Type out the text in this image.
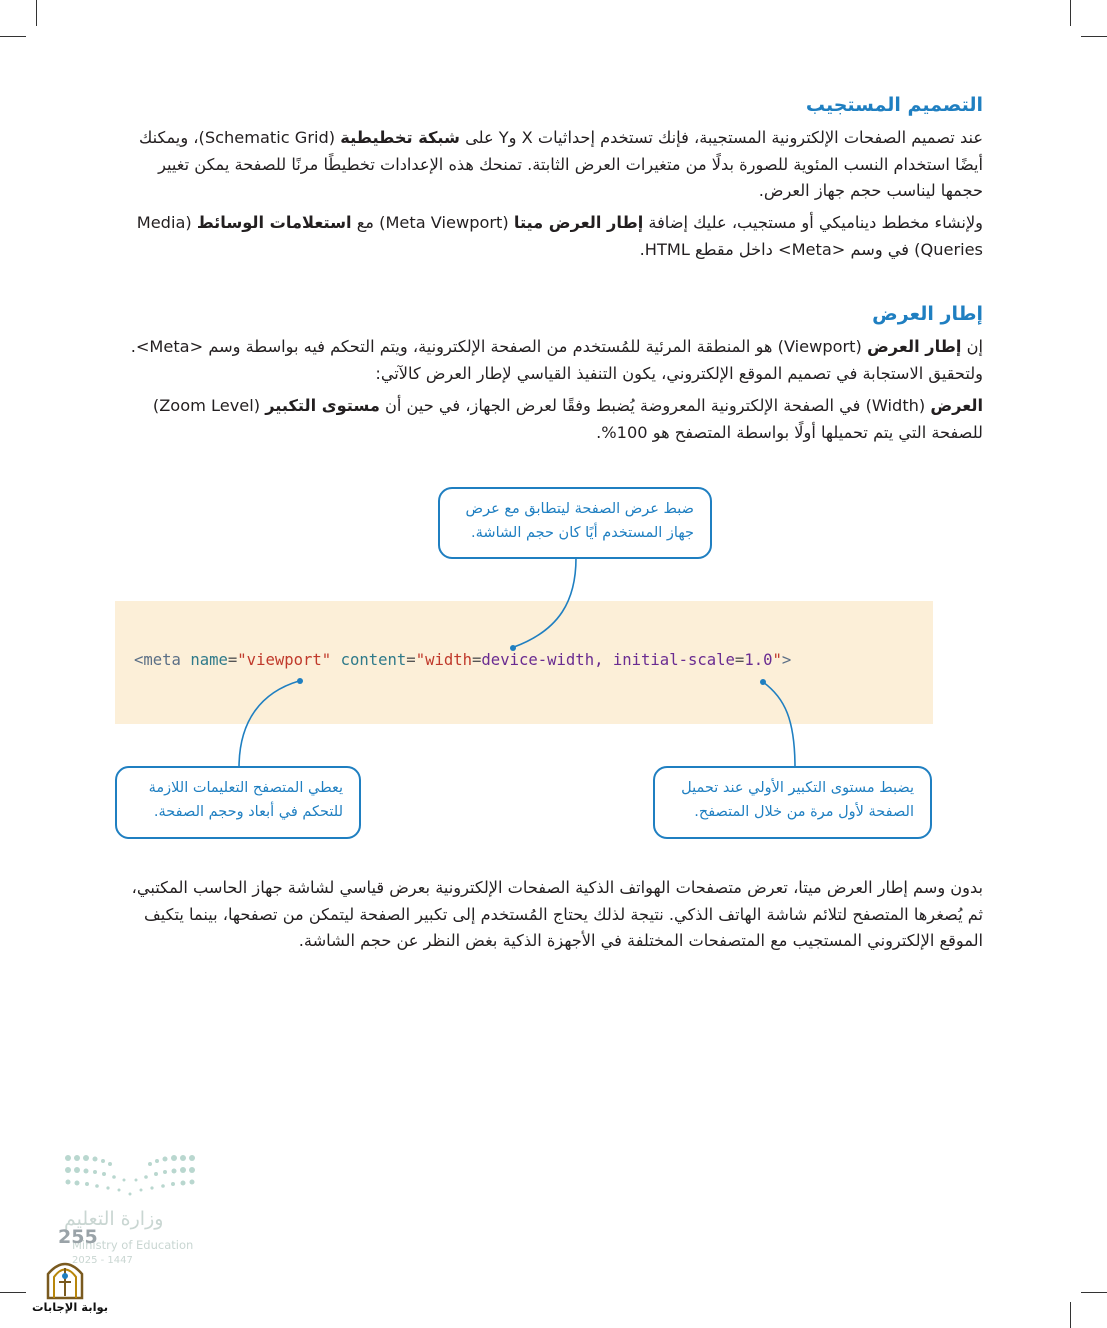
التصميم المستجيب

عند تصميم الصفحات الإلكترونية المستجيبة، فإنك تستخدم إحداثيات X وY على شبكة تخطيطية (Schematic Grid)، ويمكنك أيضًا استخدام النسب المئوية للصورة بدلًا من متغيرات العرض الثابتة. تمنحك هذه الإعدادات تخطيطًا مرنًا للصفحة يمكن تغيير حجمها ليناسب حجم جهاز العرض.

ولإنشاء مخطط ديناميكي أو مستجيب، عليك إضافة إطار العرض ميتا (Meta Viewport) مع استعلامات الوسائط (Media Queries) في وسم <Meta> داخل مقطع HTML.

إطار العرض

إن إطار العرض (Viewport) هو المنطقة المرئية للمُستخدم من الصفحة الإلكترونية، ويتم التحكم فيه بواسطة وسم <Meta>. ولتحقيق الاستجابة في تصميم الموقع الإلكتروني، يكون التنفيذ القياسي لإطار العرض كالآتي:

العرض (Width) في الصفحة الإلكترونية المعروضة يُضبط وفقًا لعرض الجهاز، في حين أن مستوى التكبير (Zoom Level) للصفحة التي يتم تحميلها أولًا بواسطة المتصفح هو 100%.

<meta name="viewport" content="width=device-width, initial-scale=1.0">
ضبط عرض الصفحة ليتطابق مع عرض
جهاز المستخدم أيًا كان حجم الشاشة.
يعطي المتصفح التعليمات اللازمة
للتحكم في أبعاد وحجم الصفحة.
يضبط مستوى التكبير الأولي عند تحميل
الصفحة لأول مرة من خلال المتصفح.

بدون وسم إطار العرض ميتا، تعرض متصفحات الهواتف الذكية الصفحات الإلكترونية بعرض قياسي لشاشة جهاز الحاسب المكتبي، ثم يُصغرها المتصفح لتلائم شاشة الهاتف الذكي. نتيجة لذلك يحتاج المُستخدم إلى تكبير الصفحة ليتمكن من تصفحها، بينما يتكيف الموقع الإلكتروني المستجيب مع المتصفحات المختلفة في الأجهزة الذكية بغض النظر عن حجم الشاشة.

وزارة التعليم
Ministry of Education
2025 - 1447
255
بوابة الإجابات
